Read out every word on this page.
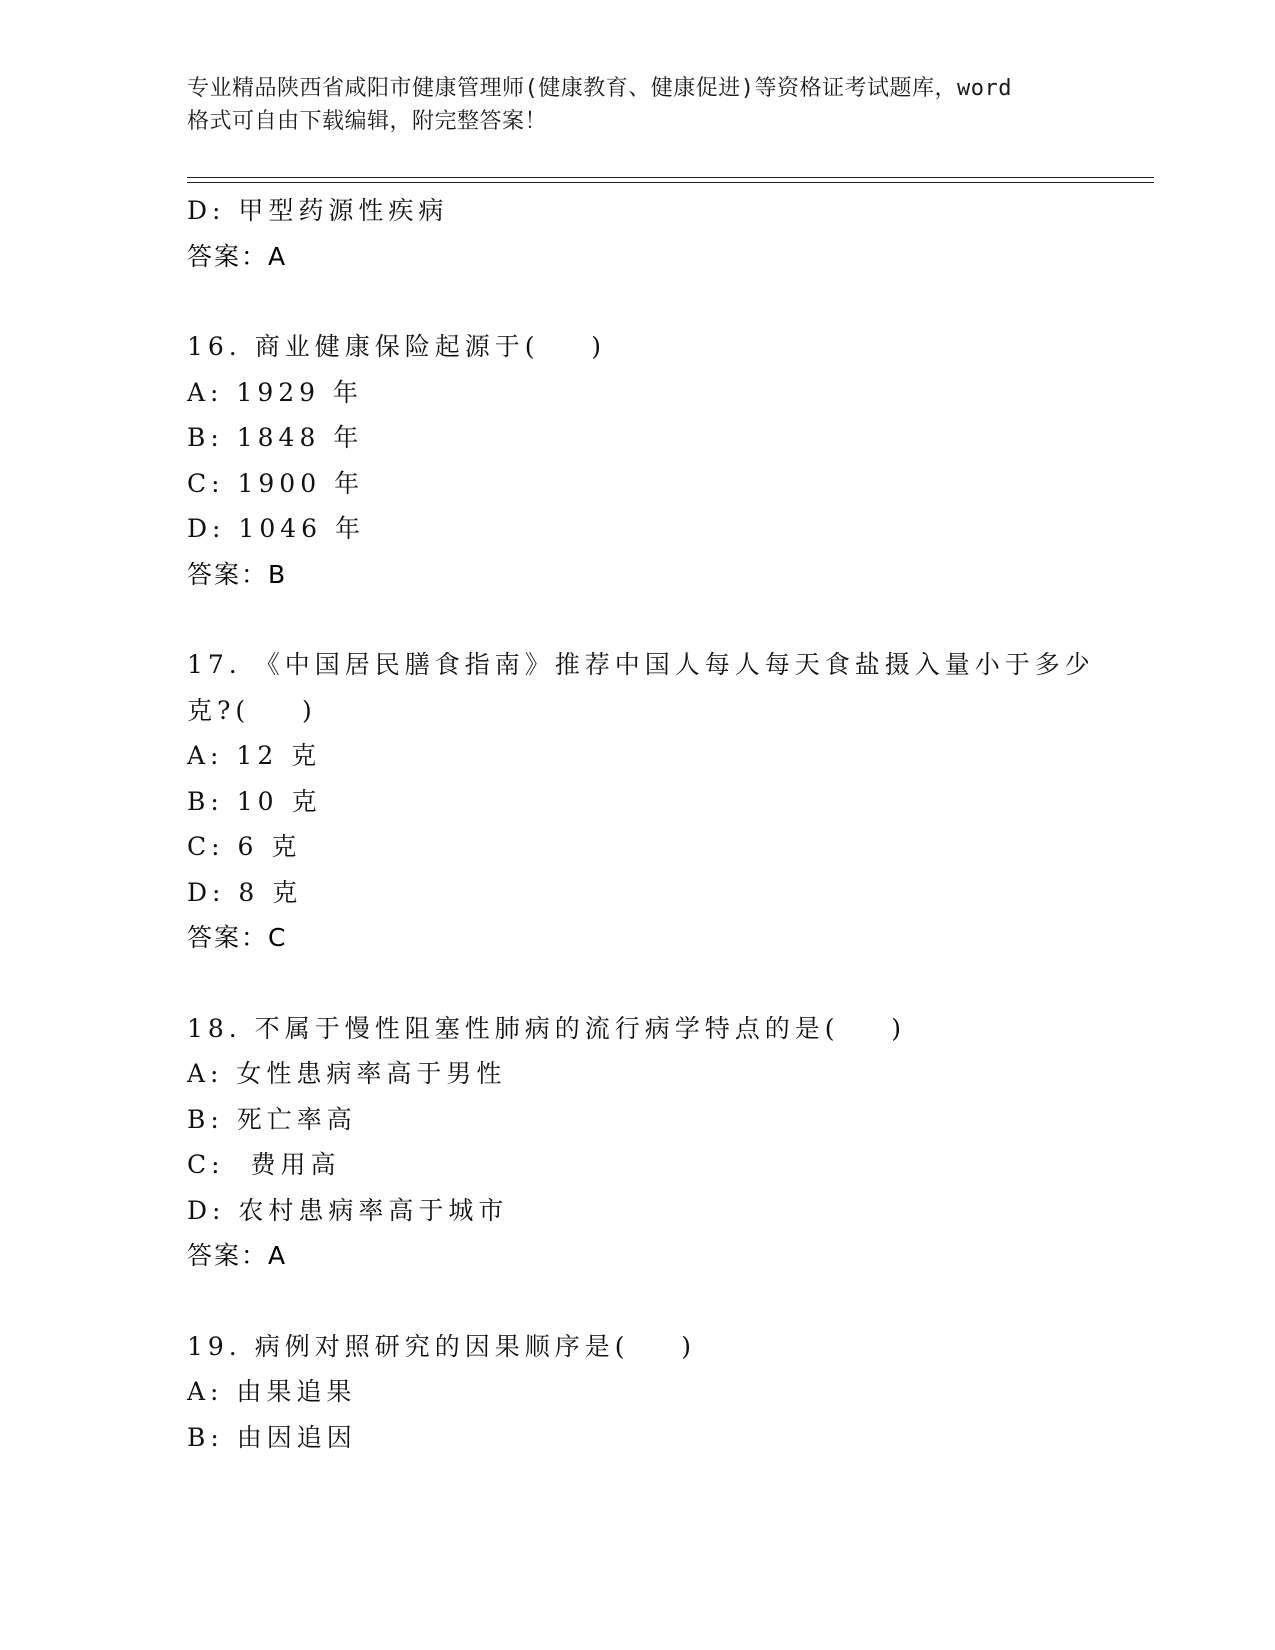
专业精品陕西省咸阳市健康管理师(健康教育、健康促进)等资格证考试题库，word
格式可自由下载编辑，附完整答案！
D: 甲型药源性疾病
答案：A
16. 商业健康保险起源于(    )
A: 1929 年
B: 1848 年
C: 1900 年
D: 1046 年
答案：B
17. 《中国居民膳食指南》推荐中国人每人每天食盐摄入量小于多少
克?(    )
A: 12 克
B: 10 克
C: 6 克
D: 8 克
答案：C
18. 不属于慢性阻塞性肺病的流行病学特点的是(    )
A: 女性患病率高于男性
B: 死亡率高
C:  费用高
D: 农村患病率高于城市
答案：A
19. 病例对照研究的因果顺序是(    )
A: 由果追果
B: 由因追因
